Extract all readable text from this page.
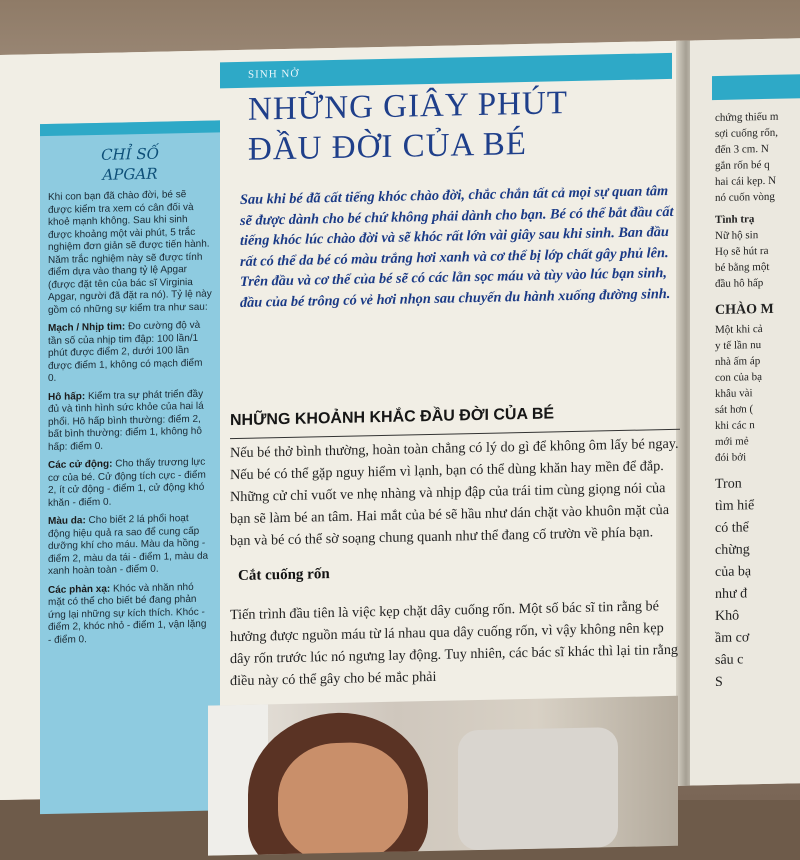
SINH NỞ
CHỈ SỐ
APGAR

Khi con bạn đã chào đời, bé sẽ được kiểm tra xem có cân đối và khoẻ mạnh không. Sau khi sinh được khoảng một vài phút, 5 trắc nghiệm đơn giản sẽ được tiến hành. Năm trắc nghiệm này sẽ được tính điểm dựa vào thang tỷ lệ Apgar (được đặt tên của bác sĩ Virginia Apgar, người đã đặt ra nó). Tỷ lệ này gồm có những sự kiểm tra như sau:

Mạch / Nhịp tim: Đo cường độ và tần số của nhịp tim đập: 100 lần/1 phút được điểm 2, dưới 100 lần được điểm 1, không có mạch điểm 0.

Hô hấp: Kiểm tra sự phát triển đầy đủ và tình hình sức khỏe của hai lá phổi. Hô hấp bình thường: điểm 2, bất bình thường: điểm 1, không hô hấp: điểm 0.

Các cử động: Cho thấy trương lực cơ của bé. Cử động tích cực - điểm 2, ít cử động - điểm 1, cử động khó khăn - điểm 0.

Màu da: Cho biết 2 lá phổi hoạt động hiệu quả ra sao để cung cấp dưỡng khí cho máu. Màu da hồng - điểm 2, màu da tái - điểm 1, màu da xanh hoàn toàn - điểm 0.

Các phản xạ: Khóc và nhăn nhó mặt có thể cho biết bé đang phản ứng lại những sự kích thích. Khóc - điểm 2, khóc nhỏ - điểm 1, vận lặng - điểm 0.

NHỮNG GIÂY PHÚT
ĐẦU ĐỜI CỦA BÉ
Sau khi bé đã cất tiếng khóc chào đời, chắc chắn tất cả mọi sự quan tâm sẽ được dành cho bé chứ không phải dành cho bạn. Bé có thể bắt đầu cất tiếng khóc lúc chào đời và sẽ khóc rất lớn vài giây sau khi sinh. Ban đầu rất có thể da bé có màu trắng hơi xanh và cơ thể bị lớp chất gây phủ lên. Trên đầu và cơ thể của bé sẽ có các lằn sọc máu và tùy vào lúc bạn sinh, đầu của bé trông có vẻ hơi nhọn sau chuyến du hành xuống đường sinh.
NHỮNG KHOẢNH KHẮC ĐẦU ĐỜI CỦA BÉ

Nếu bé thở bình thường, hoàn toàn chẳng có lý do gì để không ôm lấy bé ngay. Nếu bé có thể gặp nguy hiểm vì lạnh, bạn có thể dùng khăn hay mền để đắp. Những cử chỉ vuốt ve nhẹ nhàng và nhịp đập của trái tim cùng giọng nói của bạn sẽ làm bé an tâm. Hai mắt của bé sẽ hầu như dán chặt vào khuôn mặt của bạn và bé có thể sờ soạng chung quanh như thể đang cố trườn về phía bạn.

Cắt cuống rốn

Tiến trình đầu tiên là việc kẹp chặt dây cuống rốn. Một số bác sĩ tin rằng bé hưởng được nguồn máu từ lá nhau qua dây cuống rốn, vì vậy không nên kẹp dây rốn trước lúc nó ngưng lay động. Tuy nhiên, các bác sĩ khác thì lại tin rằng điều này có thể gây cho bé mắc phải

chứng thiếu m
sợi cuống rốn,
đến 3 cm. N
gắn rốn bé q
hai cái kẹp. N
nó cuốn vòng
Tình trạ
Nữ hộ sin
Họ sẽ hút ra
bé bằng một
đầu hô hấp
CHÀO M
Một khi cả
y tế lần nu
nhà ấm áp
con của bạ
khâu vài
sát hơn (
khi các n
mới mẻ
đói bởi
Tron
tìm hiể
có thể
chừng
của bạ
như đ
Khô
ầm cơ
sâu c
S
